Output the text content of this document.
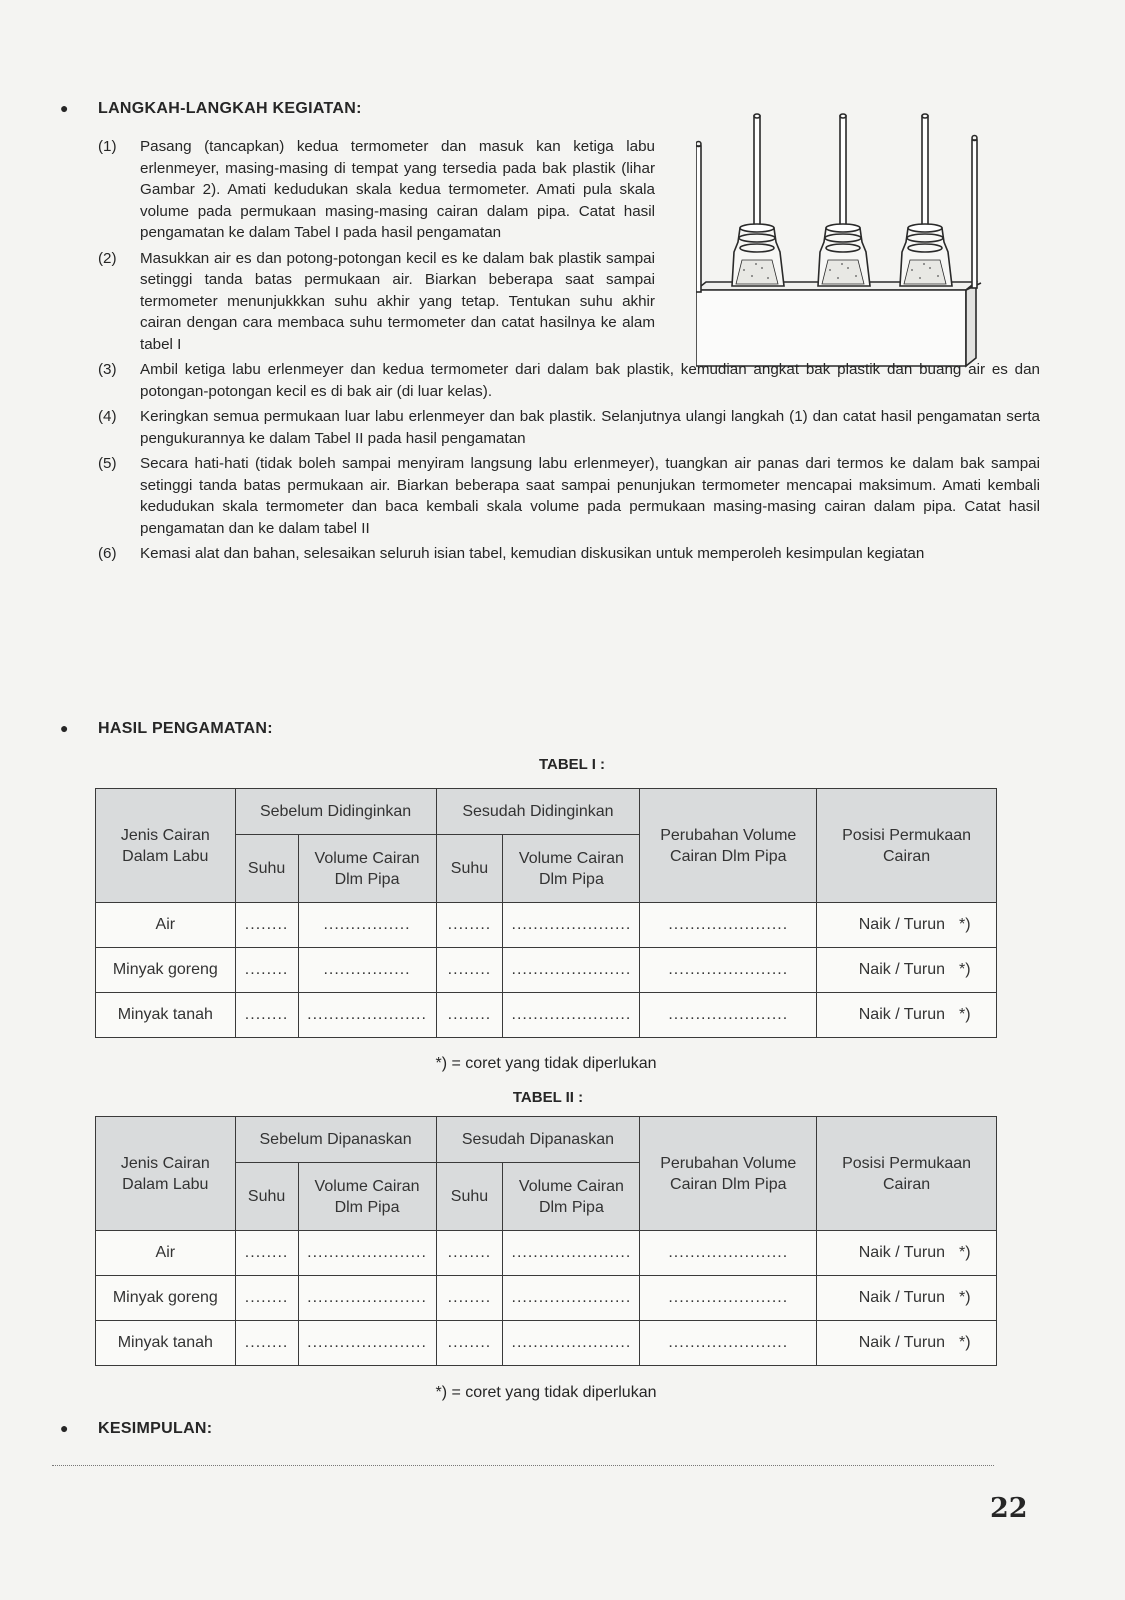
● LANGKAH-LANGKAH KEGIATAN:
(1)	Pasang (tancapkan) kedua termometer dan masuk kan ketiga labu erlenmeyer, masing-masing di tempat yang tersedia pada bak plastik (lihar Gambar 2). Amati kedudukan skala kedua termometer. Amati pula skala volume pada permukaan masing-masing cairan dalam pipa. Catat hasil pengamatan ke dalam Tabel I pada hasil pengamatan
(2)	Masukkan air es dan potong-potongan kecil es ke dalam bak plastik sampai setinggi tanda batas permukaan air. Biarkan beberapa saat sampai termometer menunjukkkan suhu akhir yang tetap. Tentukan suhu akhir cairan dengan cara membaca suhu termometer dan catat hasilnya ke alam tabel I
(3)	Ambil ketiga labu erlenmeyer dan kedua termometer dari dalam bak plastik, kemudian angkat bak plastik dan buang air es dan potongan-potongan kecil es di bak air (di luar kelas).
(4)	Keringkan semua permukaan luar labu erlenmeyer dan bak plastik. Selanjutnya ulangi langkah (1) dan catat hasil pengamatan serta pengukurannya ke dalam Tabel II pada hasil pengamatan
(5)	Secara hati-hati (tidak boleh sampai menyiram langsung labu erlenmeyer), tuangkan air panas dari termos ke dalam bak sampai setinggi tanda batas permukaan air. Biarkan beberapa saat sampai penunjukan termometer mencapai maksimum. Amati kembali kedudukan skala termometer dan baca kembali skala volume pada permukaan masing-masing cairan dalam pipa. Catat hasil pengamatan dan ke dalam tabel II
(6)	Kemasi alat dan bahan, selesaikan seluruh isian tabel, kemudian diskusikan untuk memperoleh kesimpulan kegiatan
● HASIL PENGAMATAN:
TABEL I :
Jenis Cairan Dalam Labu	Sebelum Didinginkan		Sesudah Didinginkan		Perubahan Volume Cairan Dlm Pipa	Posisi Permukaan Cairan
	Suhu	Volume Cairan Dlm Pipa	Suhu	Volume Cairan Dlm Pipa		
Air	........	................	........	......................	......................	Naik / Turun *)
Minyak goreng	........	................	........	......................	......................	Naik / Turun *)
Minyak tanah	........	......................	........	......................	......................	Naik / Turun *)
*) = coret yang tidak diperlukan
TABEL II :
Jenis Cairan Dalam Labu	Sebelum Dipanaskan		Sesudah Dipanaskan		Perubahan Volume Cairan Dlm Pipa	Posisi Permukaan Cairan
	Suhu	Volume Cairan Dlm Pipa	Suhu	Volume Cairan Dlm Pipa		
Air	........	......................	........	......................	......................	Naik / Turun *)
Minyak goreng	........	......................	........	......................	......................	Naik / Turun *)
Minyak tanah	........	......................	........	......................	......................	Naik / Turun *)
*) = coret yang tidak diperlukan
● KESIMPULAN:
22
